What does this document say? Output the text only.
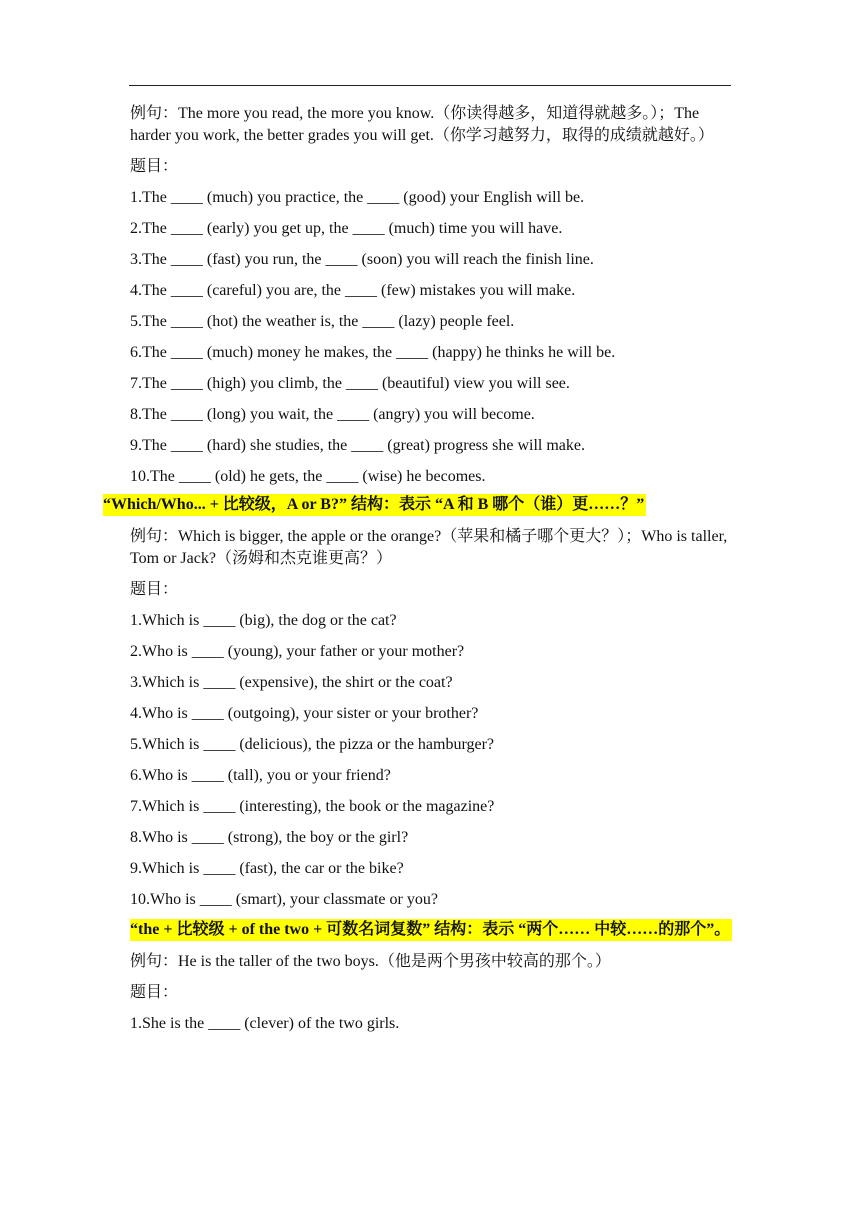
例句：The more you read, the more you know.（你读得越多，知道得就越多。）；The harder you work, the better grades you will get.（你学习越努力，取得的成绩就越好。）

题目：

1.The ____ (much) you practice, the ____ (good) your English will be.

2.The ____ (early) you get up, the ____ (much) time you will have.

3.The ____ (fast) you run, the ____ (soon) you will reach the finish line.

4.The ____ (careful) you are, the ____ (few) mistakes you will make.

5.The ____ (hot) the weather is, the ____ (lazy) people feel.

6.The ____ (much) money he makes, the ____ (happy) he thinks he will be.

7.The ____ (high) you climb, the ____ (beautiful) view you will see.

8.The ____ (long) you wait, the ____ (angry) you will become.

9.The ____ (hard) she studies, the ____ (great) progress she will make.

10.The ____ (old) he gets, the ____ (wise) he becomes.

“Which/Who... + 比较级，A or B?” 结构：表示 “A 和 B 哪个（谁）更……？”

例句：Which is bigger, the apple or the orange?（苹果和橘子哪个更大？）；Who is taller, Tom or Jack?（汤姆和杰克谁更高？）

题目：

1.Which is ____ (big), the dog or the cat?

2.Who is ____ (young), your father or your mother?

3.Which is ____ (expensive), the shirt or the coat?

4.Who is ____ (outgoing), your sister or your brother?

5.Which is ____ (delicious), the pizza or the hamburger?

6.Who is ____ (tall), you or your friend?

7.Which is ____ (interesting), the book or the magazine?

8.Who is ____ (strong), the boy or the girl?

9.Which is ____ (fast), the car or the bike?

10.Who is ____ (smart), your classmate or you?

“the + 比较级 + of the two + 可数名词复数” 结构：表示 “两个…… 中较……的那个”。

例句：He is the taller of the two boys.（他是两个男孩中较高的那个。）

题目：

1.She is the ____ (clever) of the two girls.
